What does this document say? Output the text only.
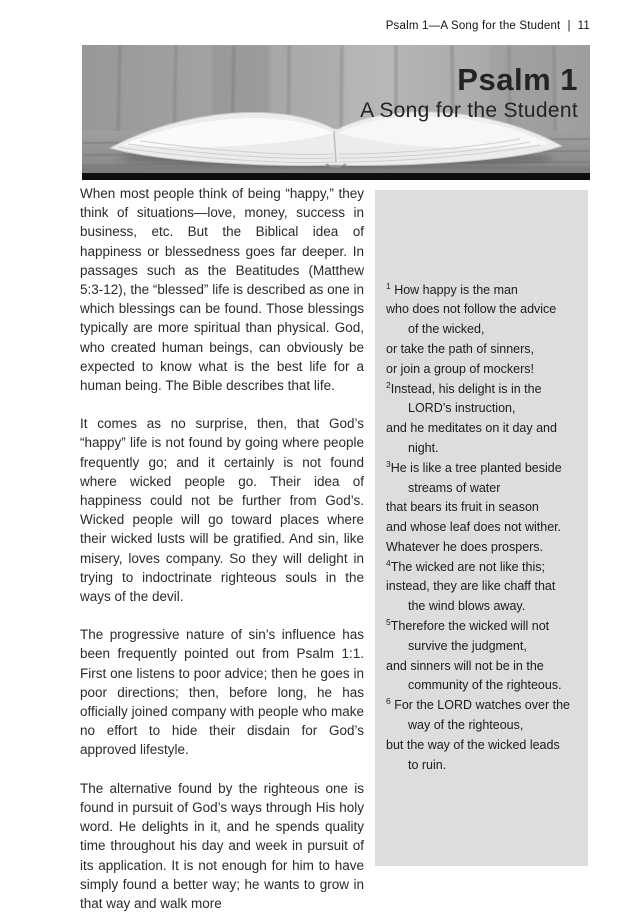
Psalm 1—A Song for the Student | 11
Psalm 1
A Song for the Student

When most people think of being “happy,” they think of situations—love, money, success in business, etc. But the Biblical idea of happiness or blessedness goes far deeper. In passages such as the Beatitudes (Matthew 5:3-12), the “blessed” life is described as one in which blessings can be found. Those blessings typically are more spiritual than physical. God, who created human beings, can obviously be expected to know what is the best life for a human being. The Bible describes that life.

It comes as no surprise, then, that God’s “happy” life is not found by going where people frequently go; and it certainly is not found where wicked people go. Their idea of happiness could not be further from God’s. Wicked people will go toward places where their wicked lusts will be gratified. And sin, like misery, loves company. So they will delight in trying to indoctrinate righteous souls in the ways of the devil.

The progressive nature of sin’s influence has been frequently pointed out from Psalm 1:1. First one listens to poor advice; then he goes in poor directions; then, before long, he has officially joined company with people who make no effort to hide their disdain for God’s approved lifestyle.

The alternative found by the righteous one is found in pursuit of God’s ways through His holy word. He delights in it, and he spends quality time throughout his day and week in pursuit of its application. It is not enough for him to have simply found a better way; he wants to grow in that way and walk more

$^1$ How happy is the man
who does not follow the advice
of the wicked,
or take the path of sinners,
or join a group of mockers!
$^2$Instead, his delight is in the
LORD’s instruction,
and he meditates on it day and
night.
$^3$He is like a tree planted beside
streams of water
that bears its fruit in season
and whose leaf does not wither.
Whatever he does prospers.
$^4$The wicked are not like this;
instead, they are like chaff that
the wind blows away.
$^5$Therefore the wicked will not
survive the judgment,
and sinners will not be in the
community of the righteous.
$^6$ For the LORD watches over the
way of the righteous,
but the way of the wicked leads
to ruin.
